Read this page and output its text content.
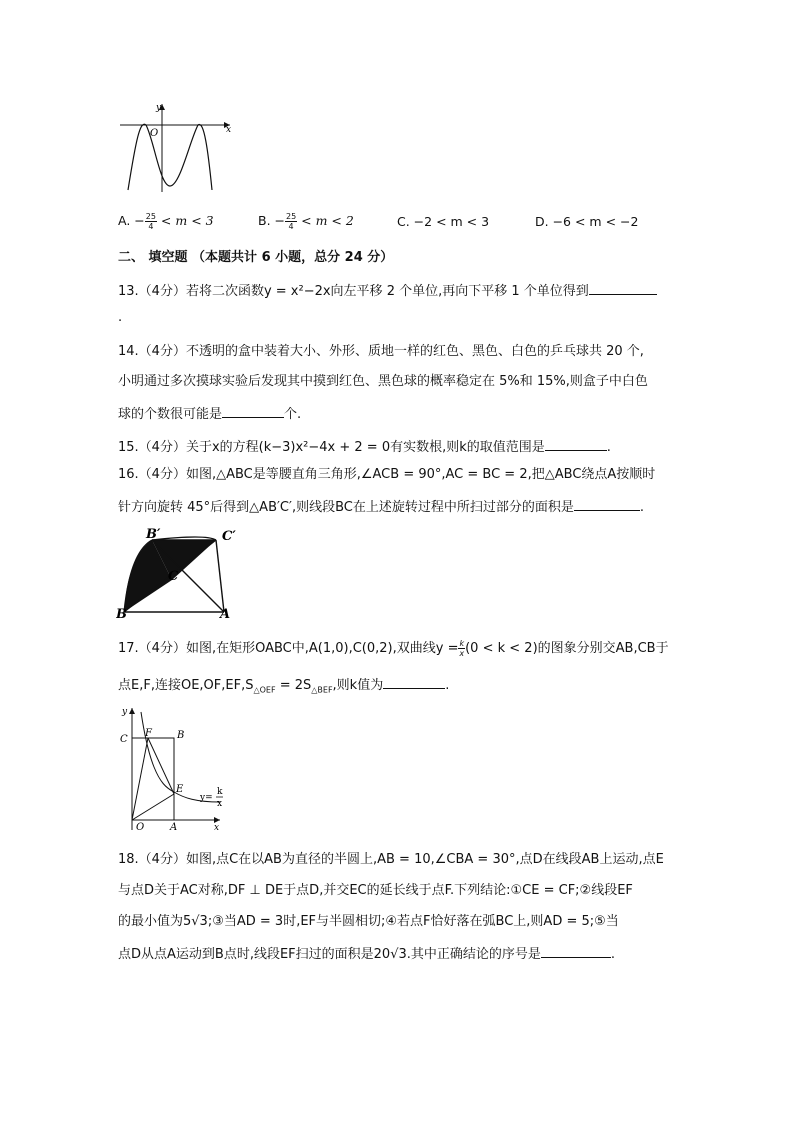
y
O	x
A. − $\frac{25}{4} < m < 3$	B. − $\frac{25}{4} < m < 2$	C. −2 < m < 3	D. −6 < m < −2
二、 填空题 （本题共计 6 小题，总分 24 分）
13.（4分）若将二次函数y = x²−2x向左平移 2 个单位,再向下平移 1 个单位得到
.
14.（4分）不透明的盒中装着大小、外形、质地一样的红色、黑色、白色的乒乓球共 20 个,
小明通过多次摸球实验后发现其中摸到红色、黑色球的概率稳定在 5%和 15%,则盒子中白色
球的个数很可能是	个.
15.（4分）关于x的方程(k−3)x²−4x + 2 = 0有实数根,则k的取值范围是	.
16.（4分）如图,△ABC是等腰直角三角形,∠ACB = 90°,AC = BC = 2,把△ABC绕点A按顺时
针方向旋转 45°后得到△AB′C′,则线段BC在上述旋转过程中所扫过部分的面积是	.
B′	C′
C
B	A
17.（4分）如图,在矩形OABC中,A(1,0),C(0,2),双曲线$y = \frac{k}{x} (0 < k < 2)$的图象分别交AB,CB于
点E,F,连接$OE,OF,EF,S_{\triangle OEF} = 2S_{\triangle BEF}$,则k值为	.
y
C
F	B
E
y=
k
x
O	A	x
18.（4分）如图,点C在以AB为直径的半圆上,AB = 10,∠CBA = 30°,点D在线段AB上运动,点E
与点D关于AC对称,DF ⊥ DE于点D,并交EC的延长线于点F.下列结论:①CE = CF;②线段EF
的最小值为5√3;③当AD = 3时,EF与半圆相切;④若点F恰好落在弧BC上,则AD = 5;⑤当
点D从点A运动到B点时,线段EF扫过的面积是20√3.其中正确结论的序号是	.
